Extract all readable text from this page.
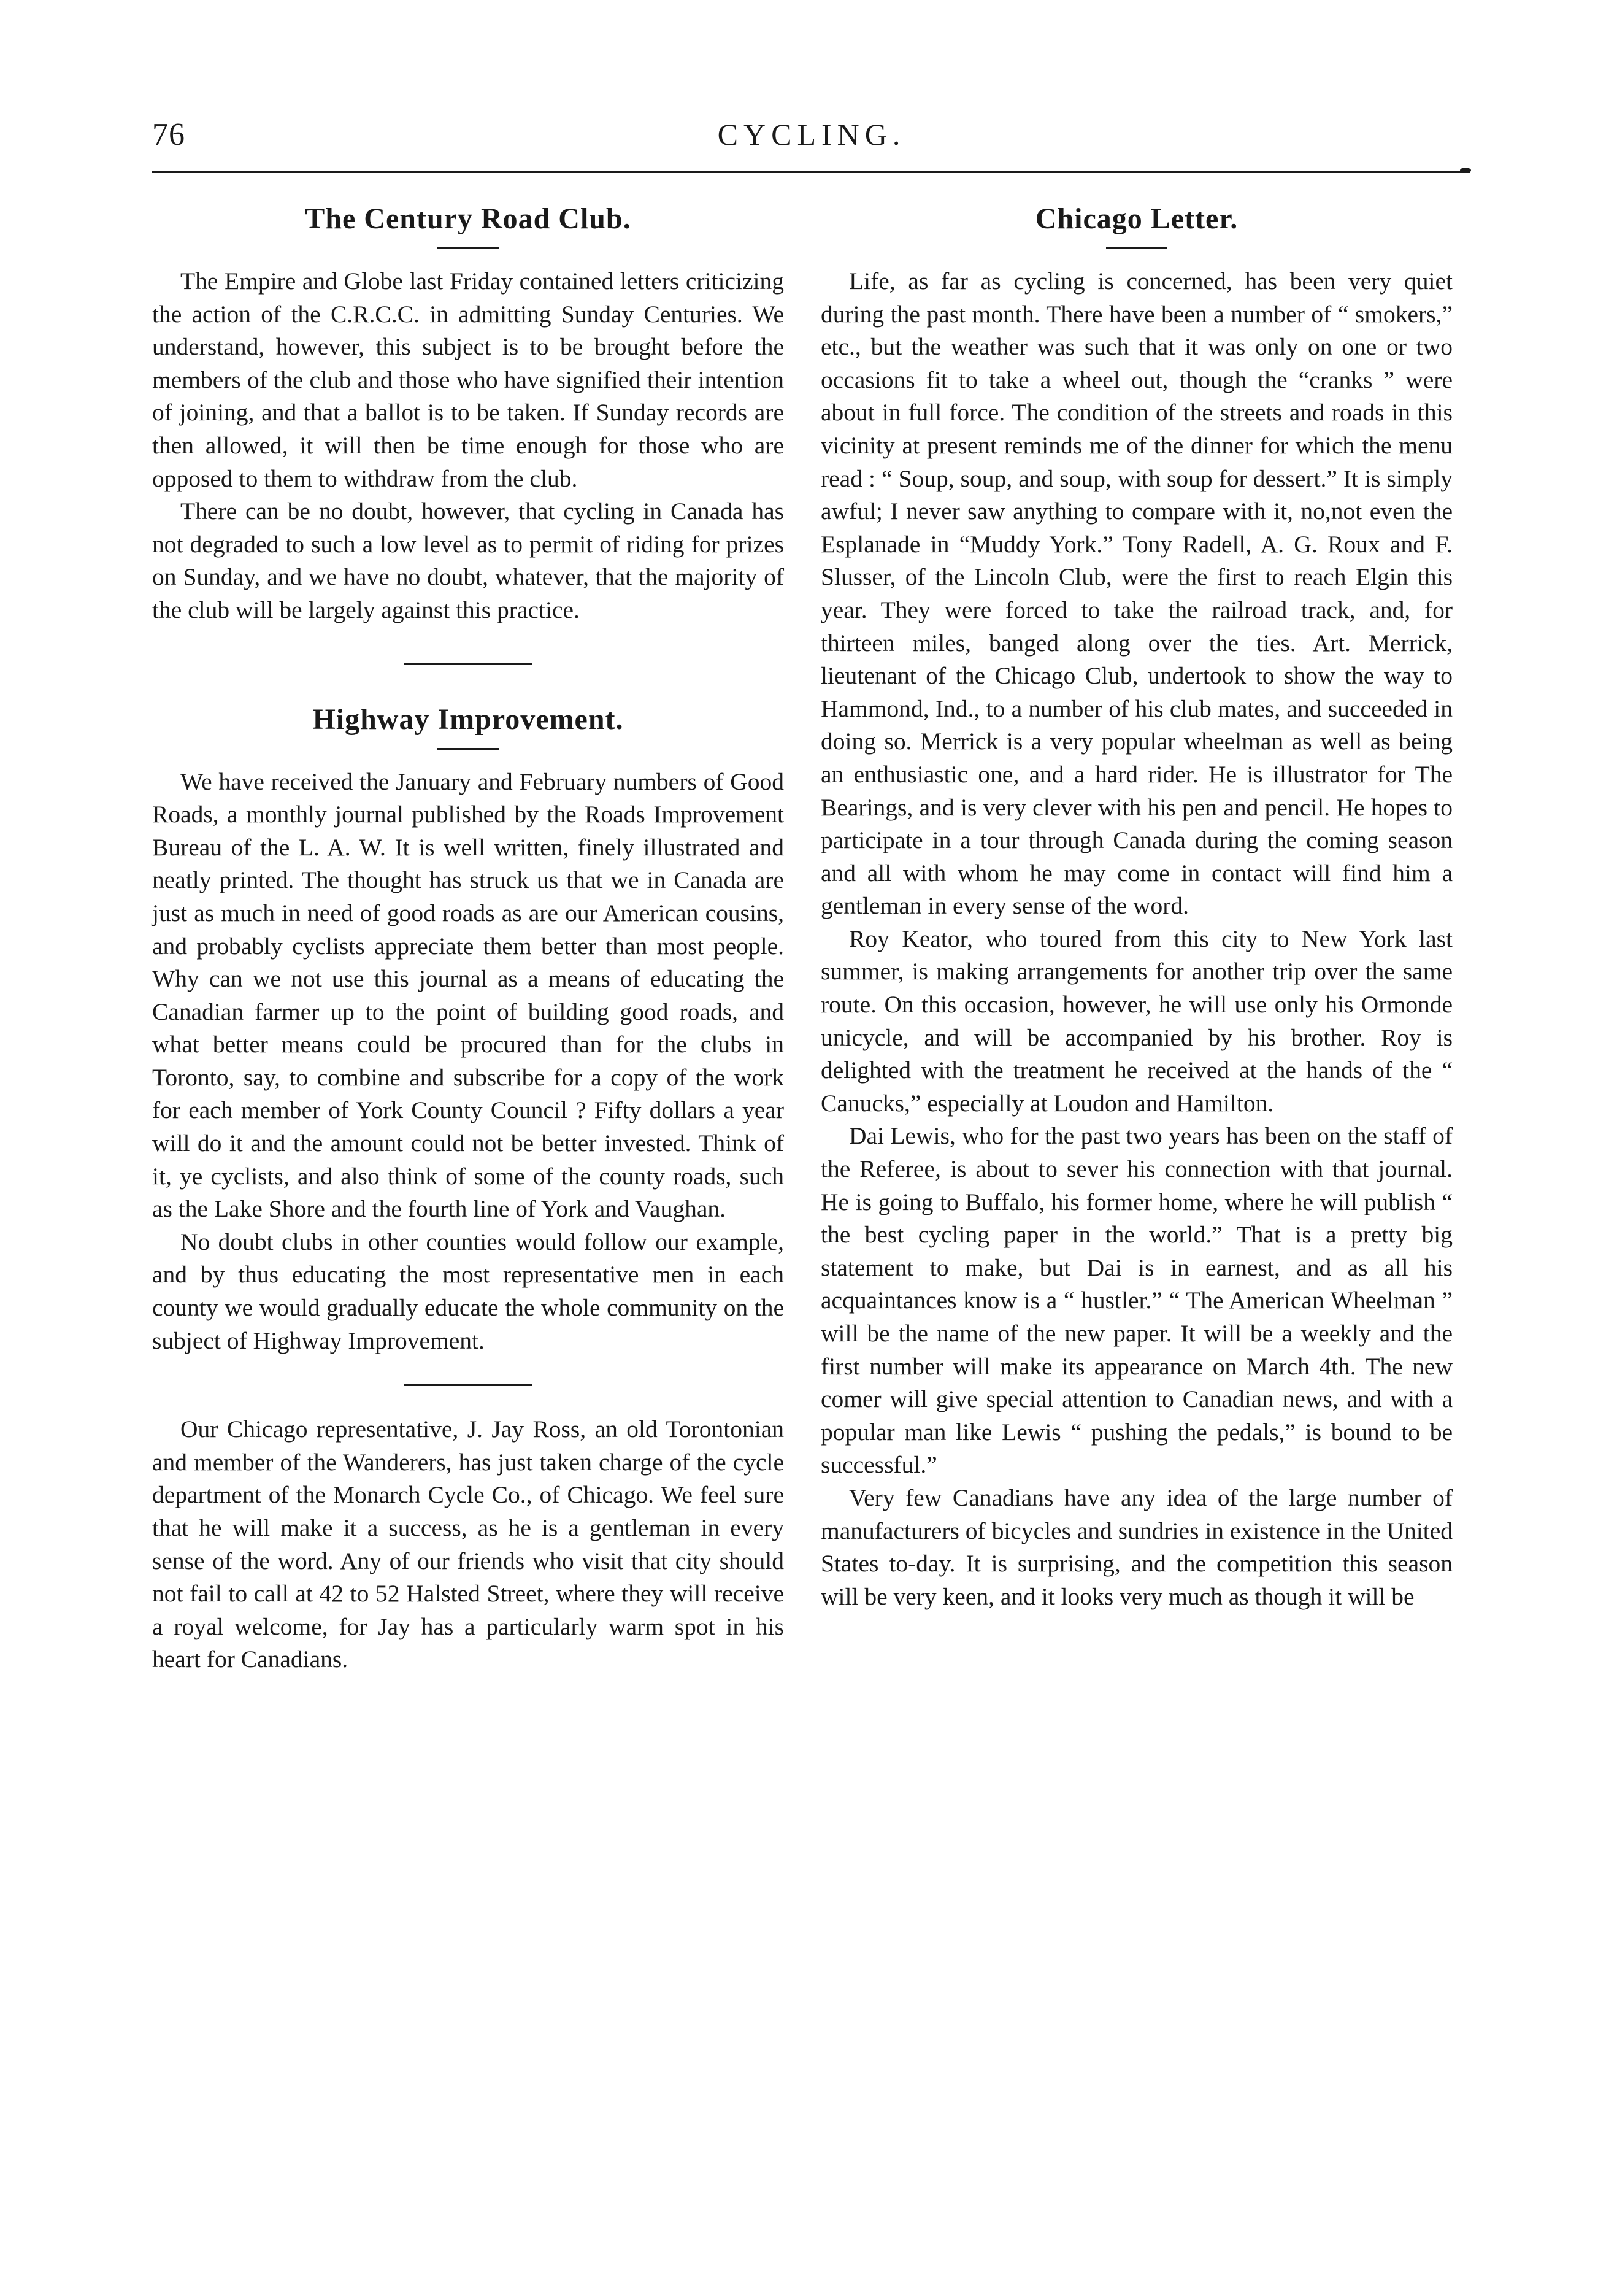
76	CYCLING.
The Century Road Club.

The Empire and Globe last Friday contained letters criticizing the action of the C.R.C.C. in admitting Sunday Centuries. We understand, however, this subject is to be brought before the members of the club and those who have signified their intention of joining, and that a ballot is to be taken. If Sunday records are then allowed, it will then be time enough for those who are opposed to them to withdraw from the club.

There can be no doubt, however, that cycling in Canada has not degraded to such a low level as to permit of riding for prizes on Sunday, and we have no doubt, whatever, that the majority of the club will be largely against this practice.

Highway Improvement.

We have received the January and February numbers of Good Roads, a monthly journal published by the Roads Improvement Bureau of the L. A. W. It is well written, finely illustrated and neatly printed. The thought has struck us that we in Canada are just as much in need of good roads as are our American cousins, and probably cyclists appreciate them better than most people. Why can we not use this journal as a means of educating the Canadian farmer up to the point of building good roads, and what better means could be procured than for the clubs in Toronto, say, to combine and subscribe for a copy of the work for each member of York County Council ? Fifty dollars a year will do it and the amount could not be better invested. Think of it, ye cyclists, and also think of some of the county roads, such as the Lake Shore and the fourth line of York and Vaughan.

No doubt clubs in other counties would follow our example, and by thus educating the most representative men in each county we would gradually educate the whole community on the subject of Highway Improvement.

Our Chicago representative, J. Jay Ross, an old Torontonian and member of the Wanderers, has just taken charge of the cycle department of the Monarch Cycle Co., of Chicago. We feel sure that he will make it a success, as he is a gentleman in every sense of the word. Any of our friends who visit that city should not fail to call at 42 to 52 Halsted Street, where they will receive a royal welcome, for Jay has a particularly warm spot in his heart for Canadians.

Chicago Letter.

Life, as far as cycling is concerned, has been very quiet during the past month. There have been a number of “ smokers,” etc., but the weather was such that it was only on one or two occasions fit to take a wheel out, though the “cranks ” were about in full force. The condition of the streets and roads in this vicinity at present reminds me of the dinner for which the menu read : “ Soup, soup, and soup, with soup for dessert.” It is simply awful; I never saw anything to compare with it, no,not even the Esplanade in “Muddy York.” Tony Radell, A. G. Roux and F. Slusser, of the Lincoln Club, were the first to reach Elgin this year. They were forced to take the railroad track, and, for thirteen miles, banged along over the ties. Art. Merrick, lieutenant of the Chicago Club, undertook to show the way to Hammond, Ind., to a number of his club mates, and succeeded in doing so. Merrick is a very popular wheelman as well as being an enthusiastic one, and a hard rider. He is illustrator for The Bearings, and is very clever with his pen and pencil. He hopes to participate in a tour through Canada during the coming season and all with whom he may come in contact will find him a gentleman in every sense of the word.

Roy Keator, who toured from this city to New York last summer, is making arrangements for another trip over the same route. On this occasion, however, he will use only his Ormonde unicycle, and will be accompanied by his brother. Roy is delighted with the treatment he received at the hands of the “ Canucks,” especially at Loudon and Hamilton.

Dai Lewis, who for the past two years has been on the staff of the Referee, is about to sever his connection with that journal. He is going to Buffalo, his former home, where he will publish “ the best cycling paper in the world.” That is a pretty big statement to make, but Dai is in earnest, and as all his acquaintances know is a “ hustler.” “ The American Wheelman ” will be the name of the new paper. It will be a weekly and the first number will make its appearance on March 4th. The new comer will give special attention to Canadian news, and with a popular man like Lewis “ pushing the pedals,” is bound to be successful.”

Very few Canadians have any idea of the large number of manufacturers of bicycles and sundries in existence in the United States to-day. It is surprising, and the competition this season will be very keen, and it looks very much as though it will be
